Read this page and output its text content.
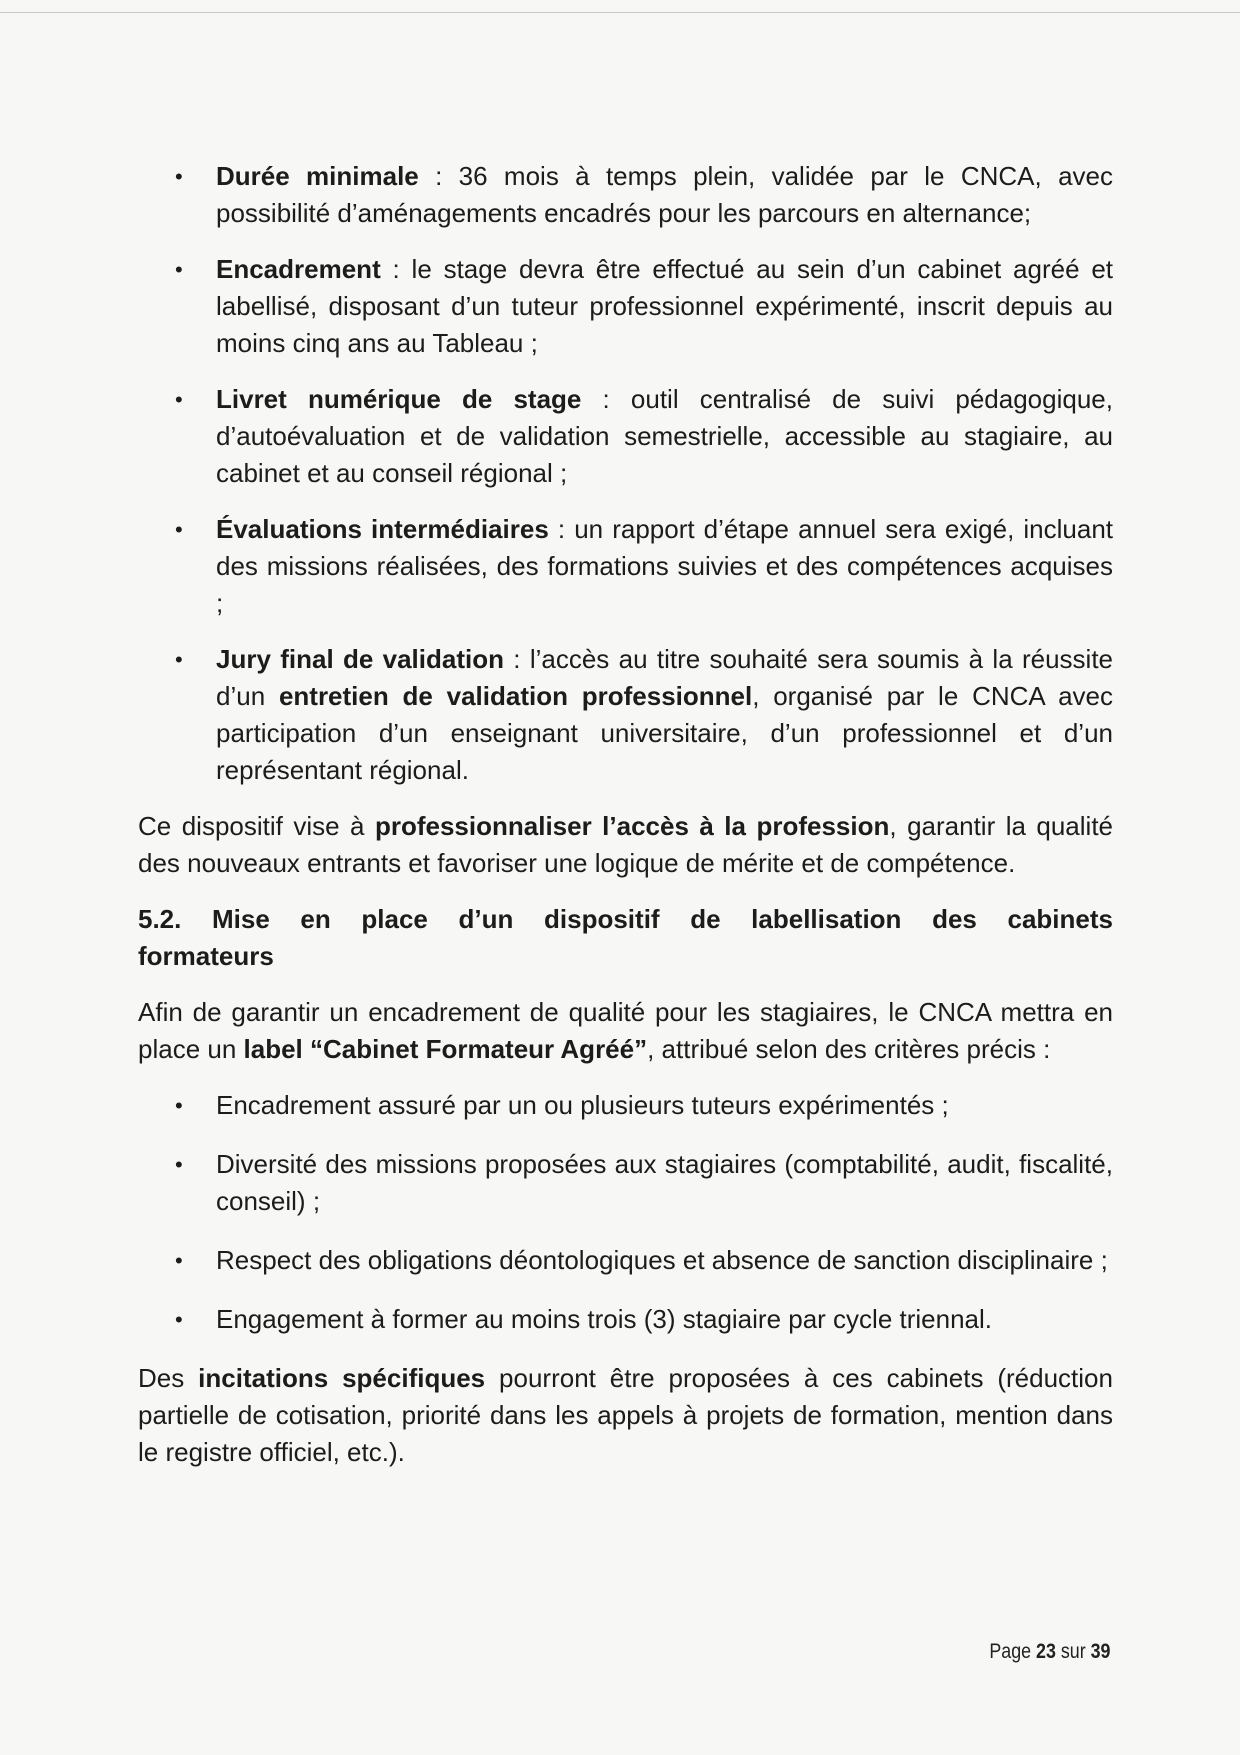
• Durée minimale : 36 mois à temps plein, validée par le CNCA, avec possibilité d’aménagements encadrés pour les parcours en alternance;
• Encadrement : le stage devra être effectué au sein d’un cabinet agréé et labellisé, disposant d’un tuteur professionnel expérimenté, inscrit depuis au moins cinq ans au Tableau ;
• Livret numérique de stage : outil centralisé de suivi pédagogique, d’autoévaluation et de validation semestrielle, accessible au stagiaire, au cabinet et au conseil régional ;
• Évaluations intermédiaires : un rapport d’étape annuel sera exigé, incluant des missions réalisées, des formations suivies et des compétences acquises ;
• Jury final de validation : l’accès au titre souhaité sera soumis à la réussite d’un entretien de validation professionnel, organisé par le CNCA avec participation d’un enseignant universitaire, d’un professionnel et d’un représentant régional.

Ce dispositif vise à professionnaliser l’accès à la profession, garantir la qualité des nouveaux entrants et favoriser une logique de mérite et de compétence.

5.2. Mise en place d’un dispositif de labellisation des cabinets formateurs

Afin de garantir un encadrement de qualité pour les stagiaires, le CNCA mettra en place un label “Cabinet Formateur Agréé”, attribué selon des critères précis :

• Encadrement assuré par un ou plusieurs tuteurs expérimentés ;
• Diversité des missions proposées aux stagiaires (comptabilité, audit, fiscalité, conseil) ;
• Respect des obligations déontologiques et absence de sanction disciplinaire ;
• Engagement à former au moins trois (3) stagiaire par cycle triennal.

Des incitations spécifiques pourront être proposées à ces cabinets (réduction partielle de cotisation, priorité dans les appels à projets de formation, mention dans le registre officiel, etc.).

Page 23 sur 39
